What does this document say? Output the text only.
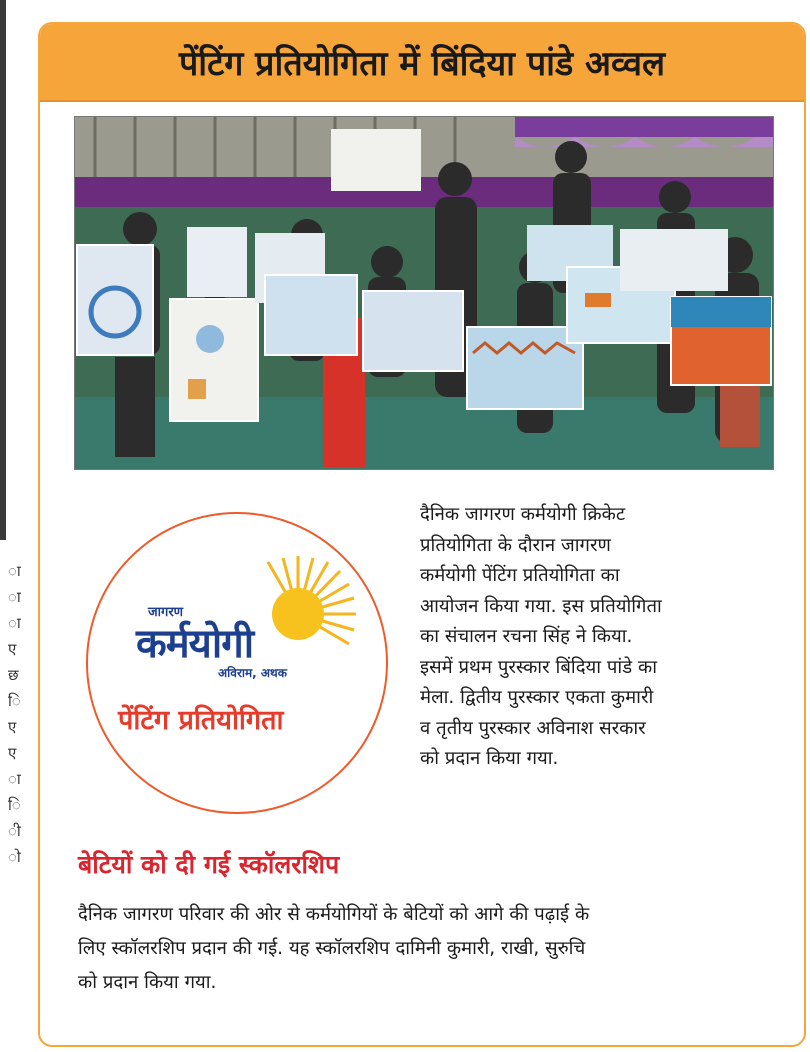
ा
ा
ा
ए
छ
ि
ए
ए
ा
ि
ी
ो
पेंटिंग प्रतियोगिता में बिंदिया पांडे अव्वल
जागरण
कर्मयोगी
अविराम, अथक
पेंटिंग प्रतियोगिता
दैनिक जागरण कर्मयोगी क्रिकेट
प्रतियोगिता के दौरान जागरण
कर्मयोगी पेंटिंग प्रतियोगिता का
आयोजन किया गया. इस प्रतियोगिता
का संचालन रचना सिंह ने किया.
इसमें प्रथम पुरस्कार बिंदिया पांडे का
मेला. द्वितीय पुरस्कार एकता कुमारी
व तृतीय पुरस्कार अविनाश सरकार
को प्रदान किया गया.
बेटियों को दी गई स्कॉलरशिप
दैनिक जागरण परिवार की ओर से कर्मयोगियों के बेटियों को आगे की पढ़ाई के
लिए स्कॉलरशिप प्रदान की गई. यह स्कॉलरशिप दामिनी कुमारी, राखी, सुरुचि
को प्रदान किया गया.
